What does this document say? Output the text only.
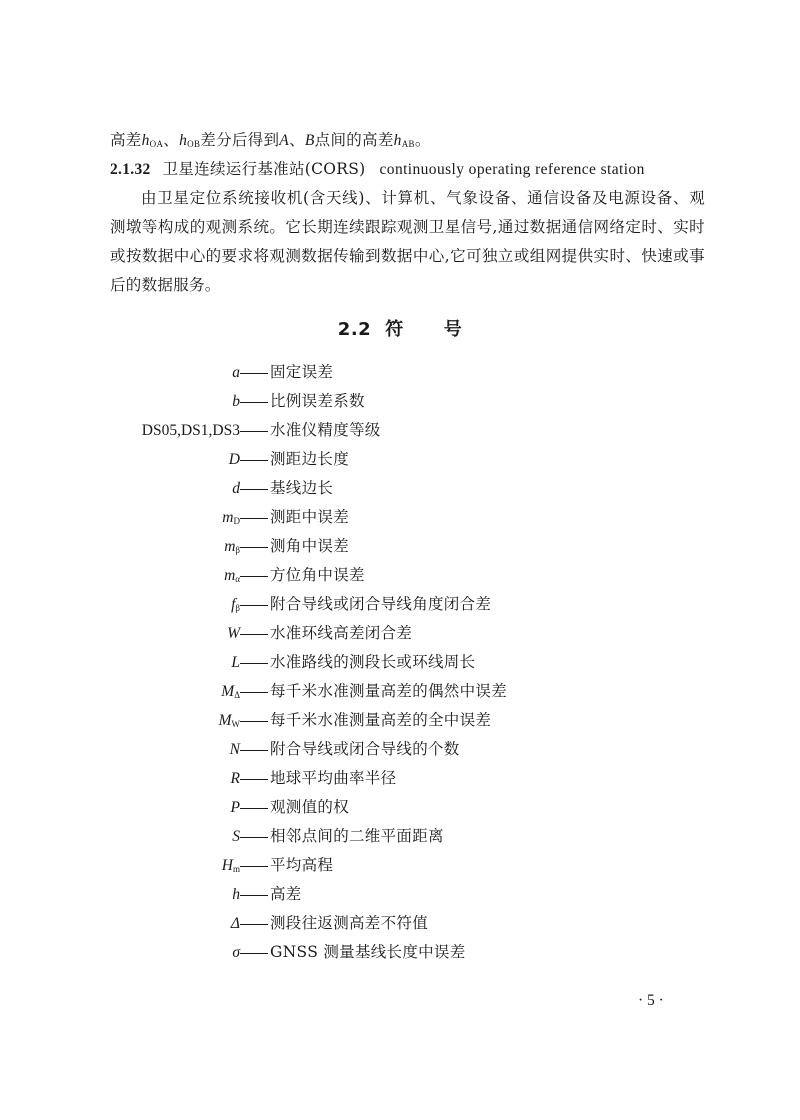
高差$h_{OA}$、$h_{OB}$差分后得到A、B点间的高差$h_{AB}$。
2.1.32 卫星连续运行基准站(CORS) continuously operating reference station
由卫星定位系统接收机(含天线)、计算机、气象设备、通信设备及电源设备、观测墩等构成的观测系统。它长期连续跟踪观测卫星信号,通过数据通信网络定时、实时或按数据中心的要求将观测数据传输到数据中心,它可独立或组网提供实时、快速或事后的数据服务。
2.2 符 号
a 固定误差
b 比例误差系数
DS05,DS1,DS3 水准仪精度等级
D 测距边长度
d 基线边长
$m_D$ 测距中误差
$m_\beta$ 测角中误差
$m_\alpha$ 方位角中误差
$f_\beta$ 附合导线或闭合导线角度闭合差
W 水准环线高差闭合差
L 水准路线的测段长或环线周长
$M_\Delta$ 每千米水准测量高差的偶然中误差
$M_W$ 每千米水准测量高差的全中误差
N 附合导线或闭合导线的个数
R 地球平均曲率半径
P 观测值的权
S 相邻点间的二维平面距离
$H_m$ 平均高程
h 高差
Δ 测段往返测高差不符值
σ GNSS 测量基线长度中误差
· 5 ·
